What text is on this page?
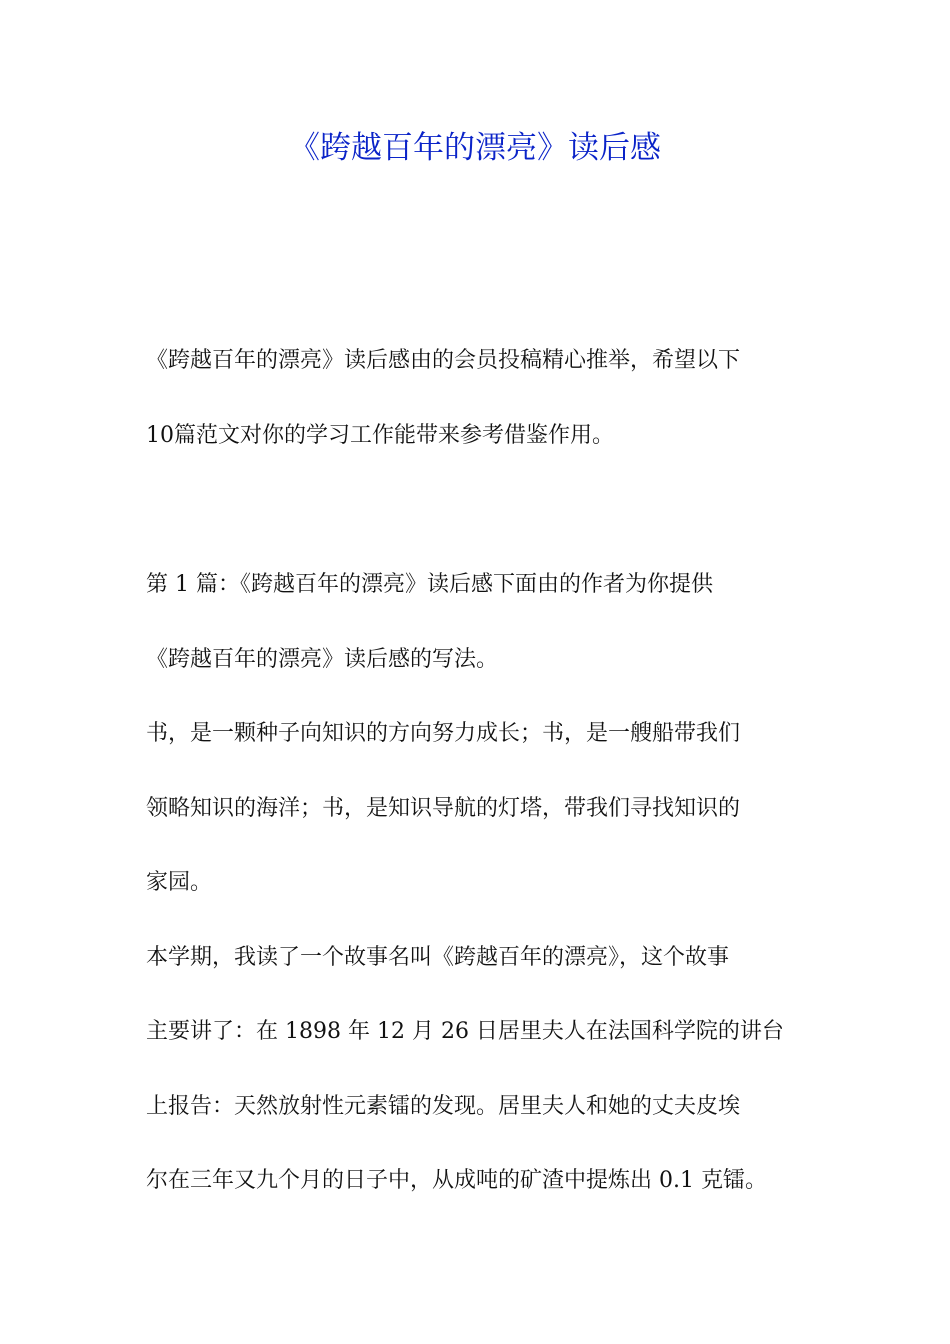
《跨越百年的漂亮》读后感
《跨越百年的漂亮》读后感由的会员投稿精心推举，希望以下
10篇范文对你的学习工作能带来参考借鉴作用。
第 1 篇：《跨越百年的漂亮》读后感下面由的作者为你提供
《跨越百年的漂亮》读后感的写法。
书，是一颗种子向知识的方向努力成长；书，是一艘船带我们
领略知识的海洋；书，是知识导航的灯塔，带我们寻找知识的
家园。
本学期，我读了一个故事名叫《跨越百年的漂亮》，这个故事
主要讲了：在 1898 年 12 月 26 日居里夫人在法国科学院的讲台
上报告：天然放射性元素镭的发现。居里夫人和她的丈夫皮埃
尔在三年又九个月的日子中，从成吨的矿渣中提炼出 0.1 克镭。
